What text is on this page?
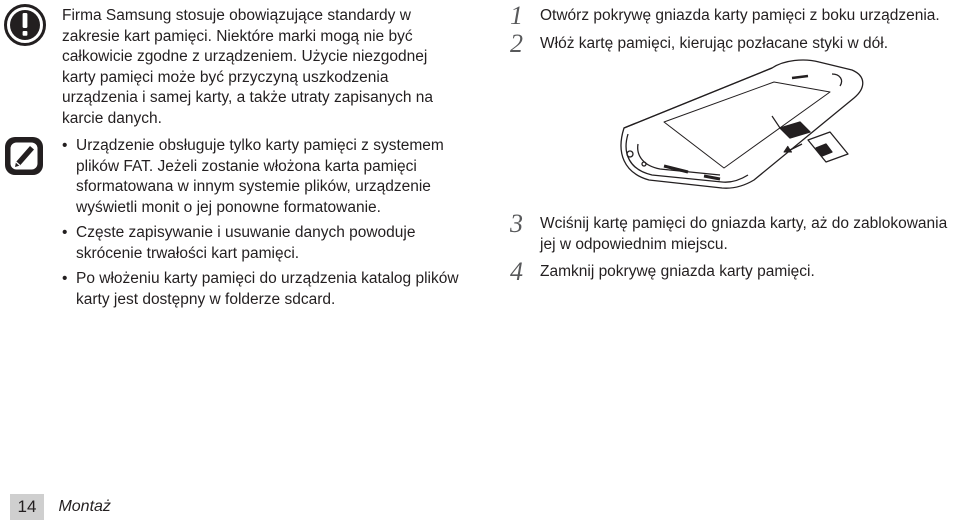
Firma Samsung stosuje obowiązujące standardy w zakresie kart pamięci. Niektóre marki mogą nie być całkowicie zgodne z urządzeniem. Użycie niezgodnej karty pamięci może być przyczyną uszkodzenia urządzenia i samej karty, a także utraty zapisanych na karcie danych.

• Urządzenie obsługuje tylko karty pamięci z systemem plików FAT. Jeżeli zostanie włożona karta pamięci sformatowana w innym systemie plików, urządzenie wyświetli monit o jej ponowne formatowanie.
• Częste zapisywanie i usuwanie danych powoduje skrócenie trwałości kart pamięci.
• Po włożeniu karty pamięci do urządzenia katalog plików karty jest dostępny w folderze sdcard.
1 Otwórz pokrywę gniazda karty pamięci z boku urządzenia.
2 Włóż kartę pamięci, kierując pozłacane styki w dół.
3 Wciśnij kartę pamięci do gniazda karty, aż do zablokowania jej w odpowiednim miejscu.
4 Zamknij pokrywę gniazda karty pamięci.
14 Montaż
